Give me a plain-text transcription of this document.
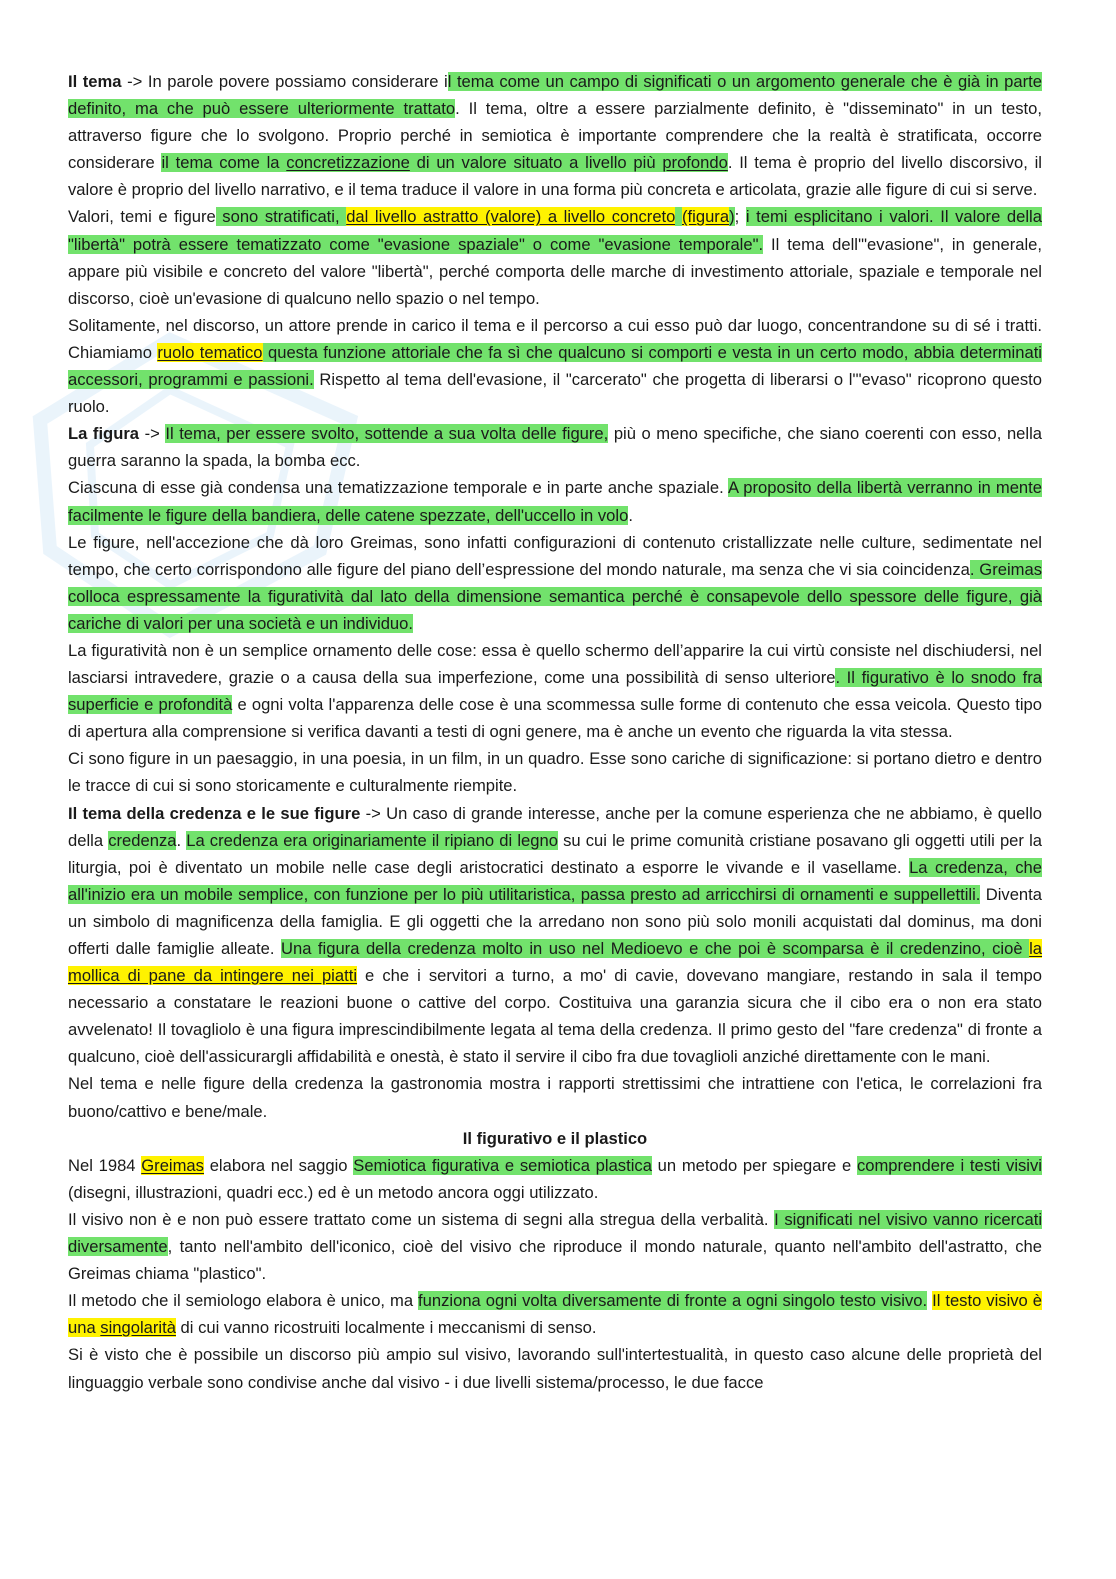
Il tema -> In parole povere possiamo considerare il tema come un campo di significati o un argomento generale che è già in parte definito, ma che può essere ulteriormente trattato. Il tema, oltre a essere parzialmente definito, è "disseminato" in un testo, attraverso figure che lo svolgono. Proprio perché in semiotica è importante comprendere che la realtà è stratificata, occorre considerare il tema come la concretizzazione di un valore situato a livello più profondo. Il tema è proprio del livello discorsivo, il valore è proprio del livello narrativo, e il tema traduce il valore in una forma più concreta e articolata, grazie alle figure di cui si serve.

Valori, temi e figure sono stratificati, dal livello astratto (valore) a livello concreto (figura); i temi esplicitano i valori. Il valore della "libertà" potrà essere tematizzato come "evasione spaziale" o come "evasione temporale". Il tema dell'"evasione", in generale, appare più visibile e concreto del valore "libertà", perché comporta delle marche di investimento attoriale, spaziale e temporale nel discorso, cioè un'evasione di qualcuno nello spazio o nel tempo.

Solitamente, nel discorso, un attore prende in carico il tema e il percorso a cui esso può dar luogo, concentrandone su di sé i tratti. Chiamiamo ruolo tematico questa funzione attoriale che fa sì che qualcuno si comporti e vesta in un certo modo, abbia determinati accessori, programmi e passioni. Rispetto al tema dell'evasione, il "carcerato" che progetta di liberarsi o l'"evaso" ricoprono questo ruolo.

La figura -> Il tema, per essere svolto, sottende a sua volta delle figure, più o meno specifiche, che siano coerenti con esso, nella guerra saranno la spada, la bomba ecc.

Ciascuna di esse già condensa una tematizzazione temporale e in parte anche spaziale. A proposito della libertà verranno in mente facilmente le figure della bandiera, delle catene spezzate, dell'uccello in volo.

Le figure, nell'accezione che dà loro Greimas, sono infatti configurazioni di contenuto cristallizzate nelle culture, sedimentate nel tempo, che certo corrispondono alle figure del piano dell’espressione del mondo naturale, ma senza che vi sia coincidenza. Greimas colloca espressamente la figuratività dal lato della dimensione semantica perché è consapevole dello spessore delle figure, già cariche di valori per una società e un individuo.

La figuratività non è un semplice ornamento delle cose: essa è quello schermo dell’apparire la cui virtù consiste nel dischiudersi, nel lasciarsi intravedere, grazie o a causa della sua imperfezione, come una possibilità di senso ulteriore. Il figurativo è lo snodo fra superficie e profondità e ogni volta l'apparenza delle cose è una scommessa sulle forme di contenuto che essa veicola. Questo tipo di apertura alla comprensione si verifica davanti a testi di ogni genere, ma è anche un evento che riguarda la vita stessa.

Ci sono figure in un paesaggio, in una poesia, in un film, in un quadro. Esse sono cariche di significazione: si portano dietro e dentro le tracce di cui si sono storicamente e culturalmente riempite.

Il tema della credenza e le sue figure -> Un caso di grande interesse, anche per la comune esperienza che ne abbiamo, è quello della credenza. La credenza era originariamente il ripiano di legno su cui le prime comunità cristiane posavano gli oggetti utili per la liturgia, poi è diventato un mobile nelle case degli aristocratici destinato a esporre le vivande e il vasellame. La credenza, che all'inizio era un mobile semplice, con funzione per lo più utilitaristica, passa presto ad arricchirsi di ornamenti e suppellettili. Diventa un simbolo di magnificenza della famiglia. E gli oggetti che la arredano non sono più solo monili acquistati dal dominus, ma doni offerti dalle famiglie alleate. Una figura della credenza molto in uso nel Medioevo e che poi è scomparsa è il credenzino, cioè la mollica di pane da intingere nei piatti e che i servitori a turno, a mo' di cavie, dovevano mangiare, restando in sala il tempo necessario a constatare le reazioni buone o cattive del corpo. Costituiva una garanzia sicura che il cibo era o non era stato avvelenato! Il tovagliolo è una figura imprescindibilmente legata al tema della credenza. Il primo gesto del "fare credenza" di fronte a qualcuno, cioè dell'assicurargli affidabilità e onestà, è stato il servire il cibo fra due tovaglioli anziché direttamente con le mani.

Nel tema e nelle figure della credenza la gastronomia mostra i rapporti strettissimi che intrattiene con l'etica, le correlazioni fra buono/cattivo e bene/male.

Il figurativo e il plastico

Nel 1984 Greimas elabora nel saggio Semiotica figurativa e semiotica plastica un metodo per spiegare e comprendere i testi visivi (disegni, illustrazioni, quadri ecc.) ed è un metodo ancora oggi utilizzato.

Il visivo non è e non può essere trattato come un sistema di segni alla stregua della verbalità. I significati nel visivo vanno ricercati diversamente, tanto nell'ambito dell'iconico, cioè del visivo che riproduce il mondo naturale, quanto nell'ambito dell'astratto, che Greimas chiama "plastico".

Il metodo che il semiologo elabora è unico, ma funziona ogni volta diversamente di fronte a ogni singolo testo visivo. Il testo visivo è una singolarità di cui vanno ricostruiti localmente i meccanismi di senso.

Si è visto che è possibile un discorso più ampio sul visivo, lavorando sull'intertestualità, in questo caso alcune delle proprietà del linguaggio verbale sono condivise anche dal visivo - i due livelli sistema/processo, le due facce
